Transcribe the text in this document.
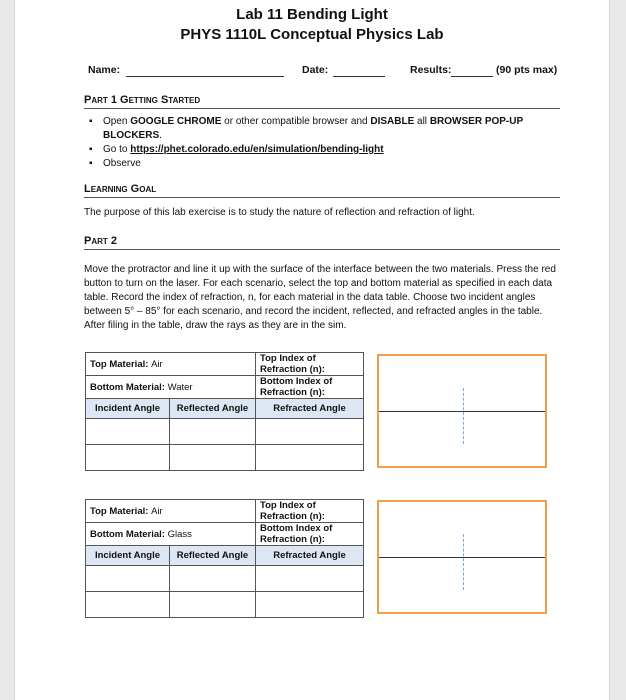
Lab 11 Bending Light
PHYS 1110L Conceptual Physics Lab
Name:	Date:	Results:	(90 pts max)
Part 1 Getting Started
▪ Open GOOGLE CHROME or other compatible browser and DISABLE all BROWSER POP-UP BLOCKERS.
▪ Go to https://phet.colorado.edu/en/simulation/bending-light
▪ Observe
Learning Goal
The purpose of this lab exercise is to study the nature of reflection and refraction of light.
Part 2
Move the protractor and line it up with the surface of the interface between the two materials. Press the red button to turn on the laser. For each scenario, select the top and bottom material as specified in each data table. Record the index of refraction, n, for each material in the data table. Choose two incident angles between 5° – 85° for each scenario, and record the incident, reflected, and refracted angles in the table. After filing in the table, draw the rays as they are in the sim.
Top Material: Air		Top Index of Refraction (n):
Bottom Material: Water		Bottom Index of Refraction (n):
Incident Angle	Reflected Angle	Refracted Angle

Top Material: Air		Top Index of Refraction (n):
Bottom Material: Glass		Bottom Index of Refraction (n):
Incident Angle	Reflected Angle	Refracted Angle
